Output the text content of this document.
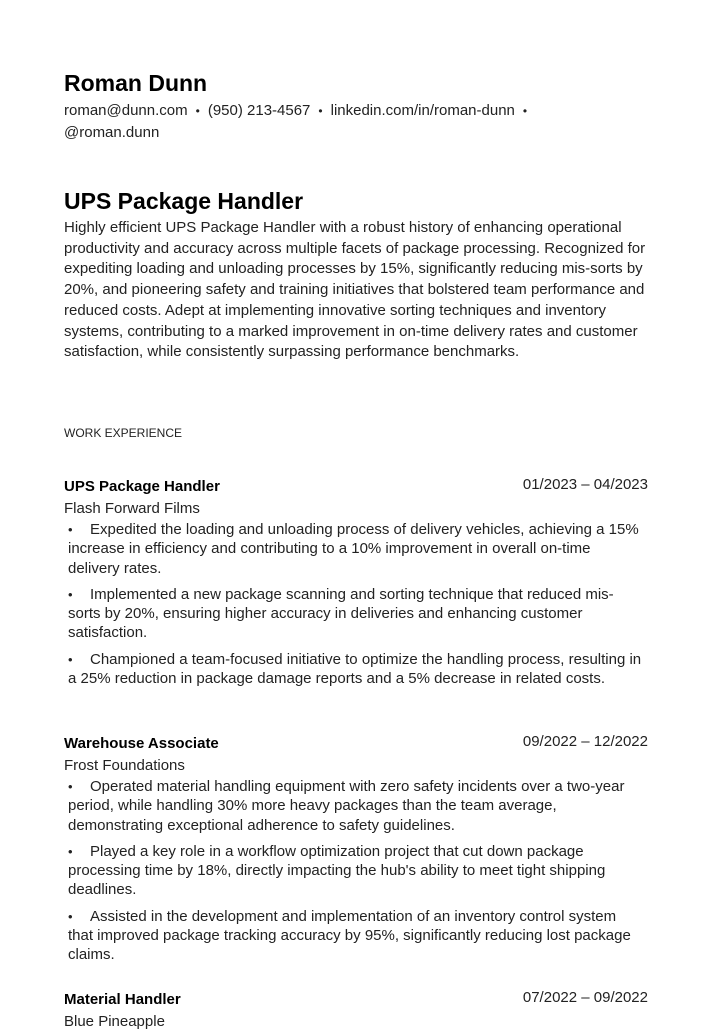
Roman Dunn
roman@dunn.com • (950) 213-4567 • linkedin.com/in/roman-dunn •
@roman.dunn
UPS Package Handler

Highly efficient UPS Package Handler with a robust history of enhancing operational productivity and accuracy across multiple facets of package processing. Recognized for expediting loading and unloading processes by 15%, significantly reducing mis-sorts by 20%, and pioneering safety and training initiatives that bolstered team performance and reduced costs. Adept at implementing innovative sorting techniques and inventory systems, contributing to a marked improvement in on-time delivery rates and customer satisfaction, while consistently surpassing performance benchmarks.

WORK EXPERIENCE
UPS Package Handler	01/2023 – 04/2023
Flash Forward Films
• Expedited the loading and unloading process of delivery vehicles, achieving a 15% increase in efficiency and contributing to a 10% improvement in overall on-time delivery rates.
• Implemented a new package scanning and sorting technique that reduced mis-sorts by 20%, ensuring higher accuracy in deliveries and enhancing customer satisfaction.
• Championed a team-focused initiative to optimize the handling process, resulting in a 25% reduction in package damage reports and a 5% decrease in related costs.
Warehouse Associate	09/2022 – 12/2022
Frost Foundations
• Operated material handling equipment with zero safety incidents over a two-year period, while handling 30% more heavy packages than the team average, demonstrating exceptional adherence to safety guidelines.
• Played a key role in a workflow optimization project that cut down package processing time by 18%, directly impacting the hub's ability to meet tight shipping deadlines.
• Assisted in the development and implementation of an inventory control system that improved package tracking accuracy by 95%, significantly reducing lost package claims.
Material Handler	07/2022 – 09/2022
Blue Pineapple
